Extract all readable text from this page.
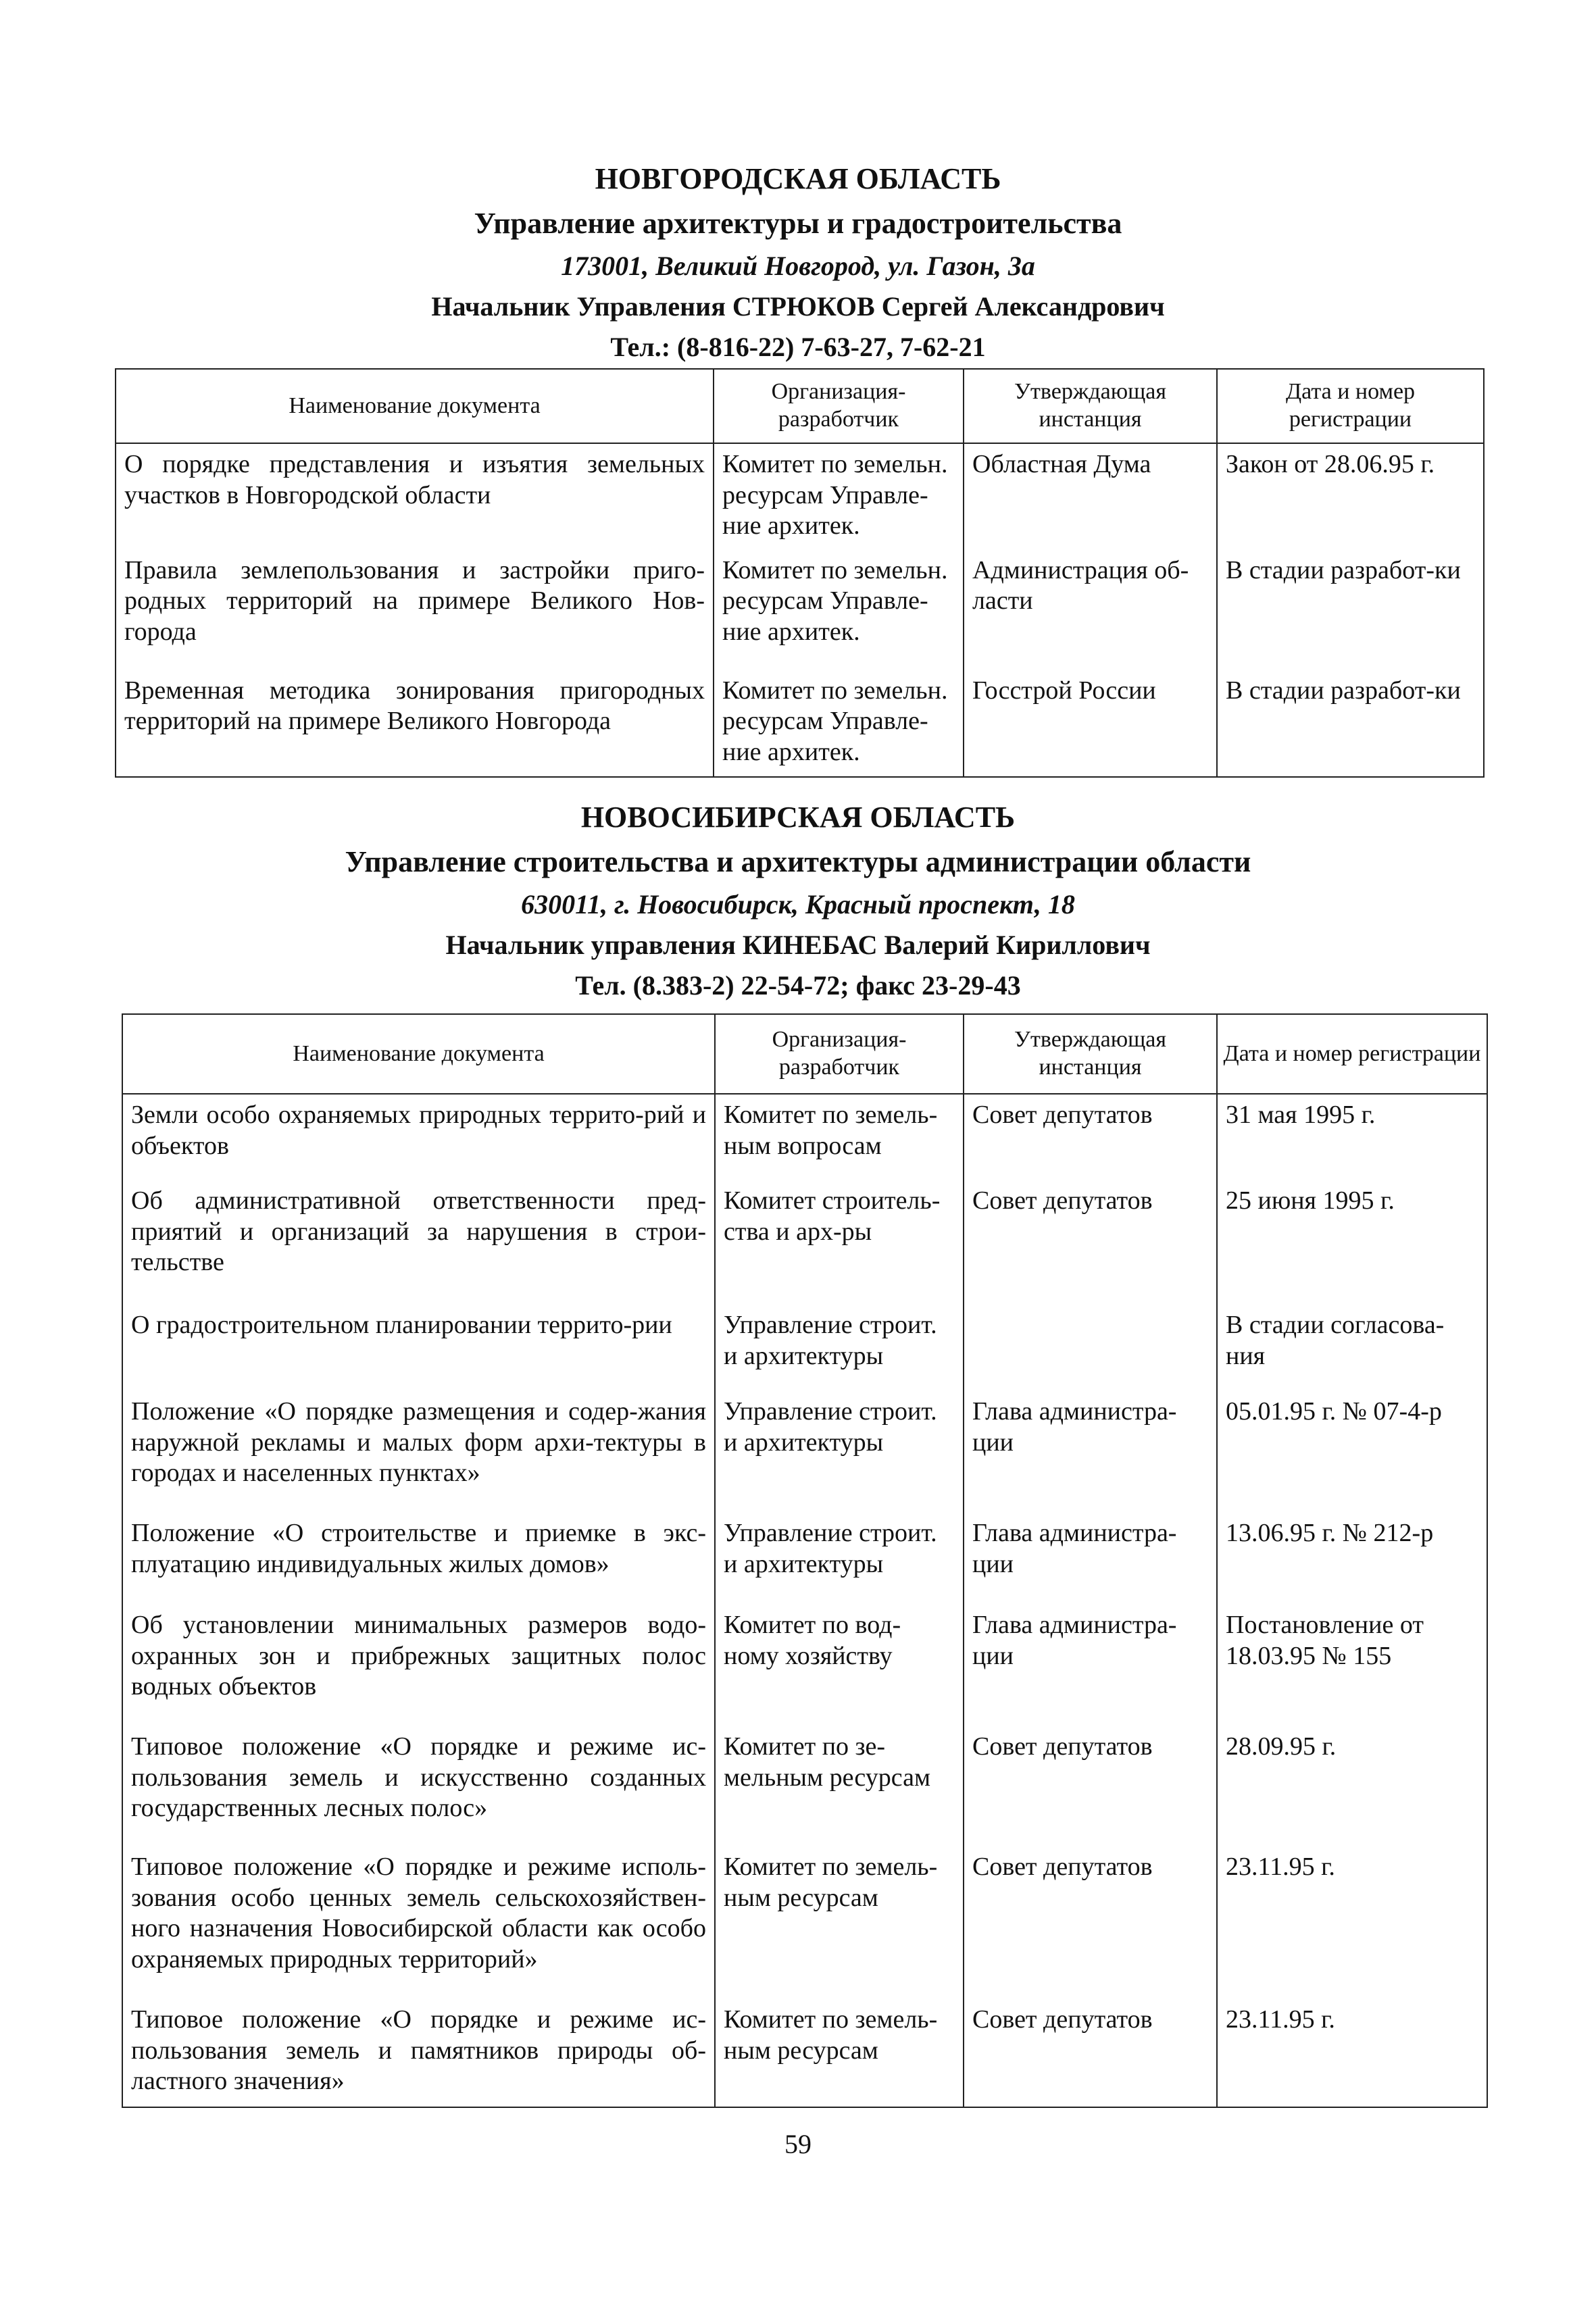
НОВГОРОДСКАЯ ОБЛАСТЬ
Управление архитектуры и градостроительства
173001, Великий Новгород, ул. Газон, 3а
Начальник Управления СТРЮКОВ Сергей Александрович
Тел.: (8-816-22) 7-63-27, 7-62-21
Наименование документа	Организация-разработчик	Утверждающая инстанция	Дата и номер регистрации
О порядке представления и изъятия земельных участков в Новгородской области	Комитет по земельн. ресурсам Управле-ние архитек.	Областная Дума	Закон от 28.06.95 г.
Правила землепользования и застройки приго-родных территорий на примере Великого Нов-города	Комитет по земельн. ресурсам Управле-ние архитек.	Администрация об-ласти	В стадии разработ-ки
Временная методика зонирования пригородных территорий на примере Великого Новгорода	Комитет по земельн. ресурсам Управле-ние архитек.	Госстрой России	В стадии разработ-ки
НОВОСИБИРСКАЯ ОБЛАСТЬ
Управление строительства и архитектуры администрации области
630011, г. Новосибирск, Красный проспект, 18
Начальник управления КИНЕБАС Валерий Кириллович
Тел. (8.383-2) 22-54-72; факс 23-29-43
Наименование документа	Организация-разработчик	Утверждающая инстанция	Дата и номер регистрации
Земли особо охраняемых природных террито-рий и объектов	Комитет по земель-ным вопросам	Совет депутатов	31 мая 1995 г.
Об административной ответственности пред-приятий и организаций за нарушения в строи-тельстве	Комитет строитель-ства и арх-ры	Совет депутатов	25 июня 1995 г.
О градостроительном планировании террито-рии	Управление строит. и архитектуры		В стадии согласова-ния
Положение «О порядке размещения и содер-жания наружной рекламы и малых форм архи-тектуры в городах и населенных пунктах»	Управление строит. и архитектуры	Глава администра-ции	05.01.95 г. № 07-4-р
Положение «О строительстве и приемке в экс-плуатацию индивидуальных жилых домов»	Управление строит. и архитектуры	Глава администра-ции	13.06.95 г. № 212-р
Об установлении минимальных размеров водо-охранных зон и прибрежных защитных полос водных объектов	Комитет по вод-ному хозяйству	Глава администра-ции	Постановление от 18.03.95 № 155
Типовое положение «О порядке и режиме ис-пользования земель и искусственно созданных государственных лесных полос»	Комитет по зе-мельным ресурсам	Совет депутатов	28.09.95 г.
Типовое положение «О порядке и режиме исполь-зования особо ценных земель сельскохозяйствен-ного назначения Новосибирской области как особо охраняемых природных территорий»	Комитет по земель-ным ресурсам	Совет депутатов	23.11.95 г.
Типовое положение «О порядке и режиме ис-пользования земель и памятников природы об-ластного значения»	Комитет по земель-ным ресурсам	Совет депутатов	23.11.95 г.
59
